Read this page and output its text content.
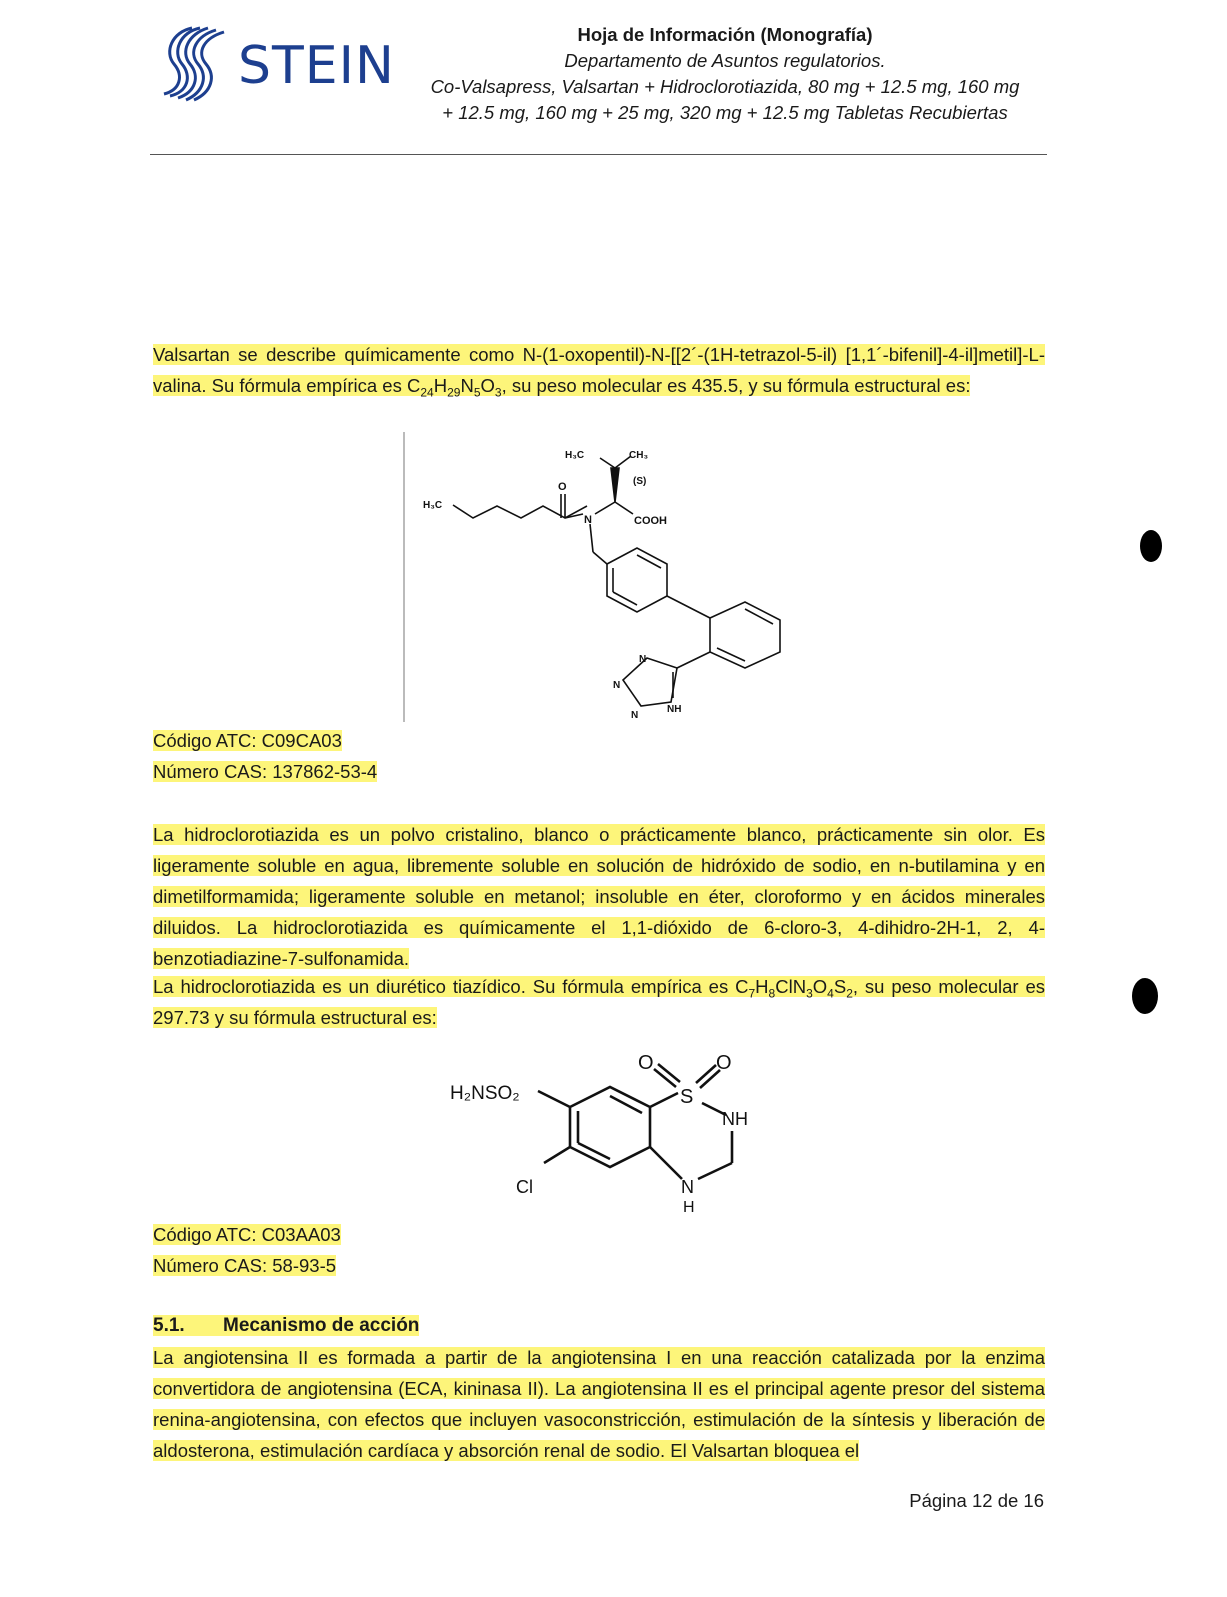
STEIN
Hoja de Información (Monografía)
Departamento de Asuntos regulatorios.
Co-Valsapress, Valsartan + Hidroclorotiazida, 80 mg + 12.5 mg, 160 mg
+ 12.5 mg, 160 mg + 25 mg, 320 mg + 12.5 mg Tabletas Recubiertas
Valsartan se describe químicamente como N-(1-oxopentil)-N-[[2´-(1H-tetrazol-5-il) [1,1´-bifenil]-4-il]metil]-L-valina. Su fórmula empírica es $C_{24}H_{29}N_5O_3$, su peso molecular es 435.5, y su fórmula estructural es:
H₃C	CH₃
(S)
O
H₃C
N	COOH
N
N
N
NH
Código ATC: C09CA03
Número CAS: 137862-53-4
La hidroclorotiazida es un polvo cristalino, blanco o prácticamente blanco, prácticamente sin olor. Es ligeramente soluble en agua, libremente soluble en solución de hidróxido de sodio, en n-butilamina y en dimetilformamida; ligeramente soluble en metanol; insoluble en éter, cloroformo y en ácidos minerales diluidos. La hidroclorotiazida es químicamente el 1,1-dióxido de 6-cloro-3, 4-dihidro-2H-1, 2, 4-benzotiadiazine-7-sulfonamida.
La hidroclorotiazida es un diurético tiazídico. Su fórmula empírica es $C_7H_8ClN_3O_4S_2$, su peso molecular es 297.73 y su fórmula estructural es:
H₂NSO₂
O	O
S
NH
Cl	N
H
Código ATC: C03AA03
Número CAS: 58-93-5
5.1. Mecanismo de acción
La angiotensina II es formada a partir de la angiotensina I en una reacción catalizada por la enzima convertidora de angiotensina (ECA, kininasa II). La angiotensina II es el principal agente presor del sistema renina-angiotensina, con efectos que incluyen vasoconstricción, estimulación de la síntesis y liberación de aldosterona, estimulación cardíaca y absorción renal de sodio. El Valsartan bloquea el
Página 12 de 16
